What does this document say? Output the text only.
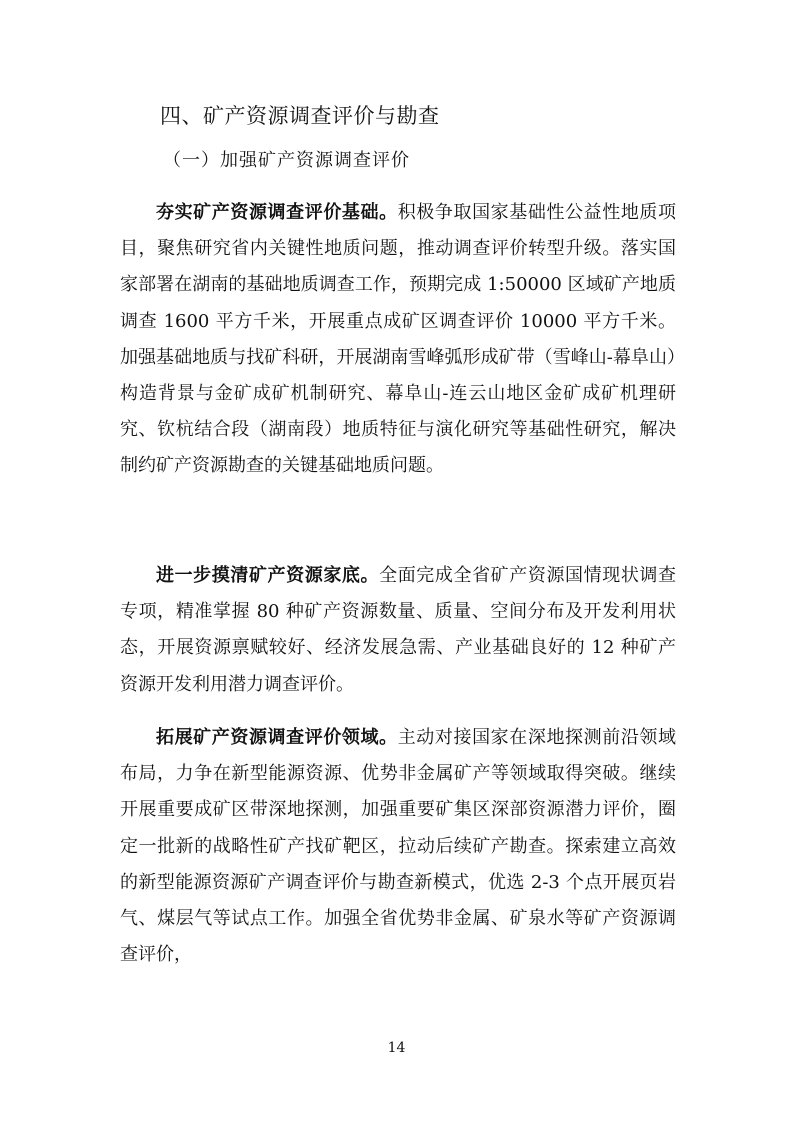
四、矿产资源调查评价与勘查
（一）加强矿产资源调查评价

夯实矿产资源调查评价基础。积极争取国家基础性公益性地质项目，聚焦研究省内关键性地质问题，推动调查评价转型升级。落实国家部署在湖南的基础地质调查工作，预期完成 1:50000 区域矿产地质调查 1600 平方千米，开展重点成矿区调查评价 10000 平方千米。加强基础地质与找矿科研，开展湖南雪峰弧形成矿带（雪峰山-幕阜山）构造背景与金矿成矿机制研究、幕阜山-连云山地区金矿成矿机理研究、钦杭结合段（湖南段）地质特征与演化研究等基础性研究，解决制约矿产资源勘查的关键基础地质问题。

进一步摸清矿产资源家底。全面完成全省矿产资源国情现状调查专项，精准掌握 80 种矿产资源数量、质量、空间分布及开发利用状态，开展资源禀赋较好、经济发展急需、产业基础良好的 12 种矿产资源开发利用潜力调查评价。

拓展矿产资源调查评价领域。主动对接国家在深地探测前沿领域布局，力争在新型能源资源、优势非金属矿产等领域取得突破。继续开展重要成矿区带深地探测，加强重要矿集区深部资源潜力评价，圈定一批新的战略性矿产找矿靶区，拉动后续矿产勘查。探索建立高效的新型能源资源矿产调查评价与勘查新模式，优选 2-3 个点开展页岩气、煤层气等试点工作。加强全省优势非金属、矿泉水等矿产资源调查评价，

14
